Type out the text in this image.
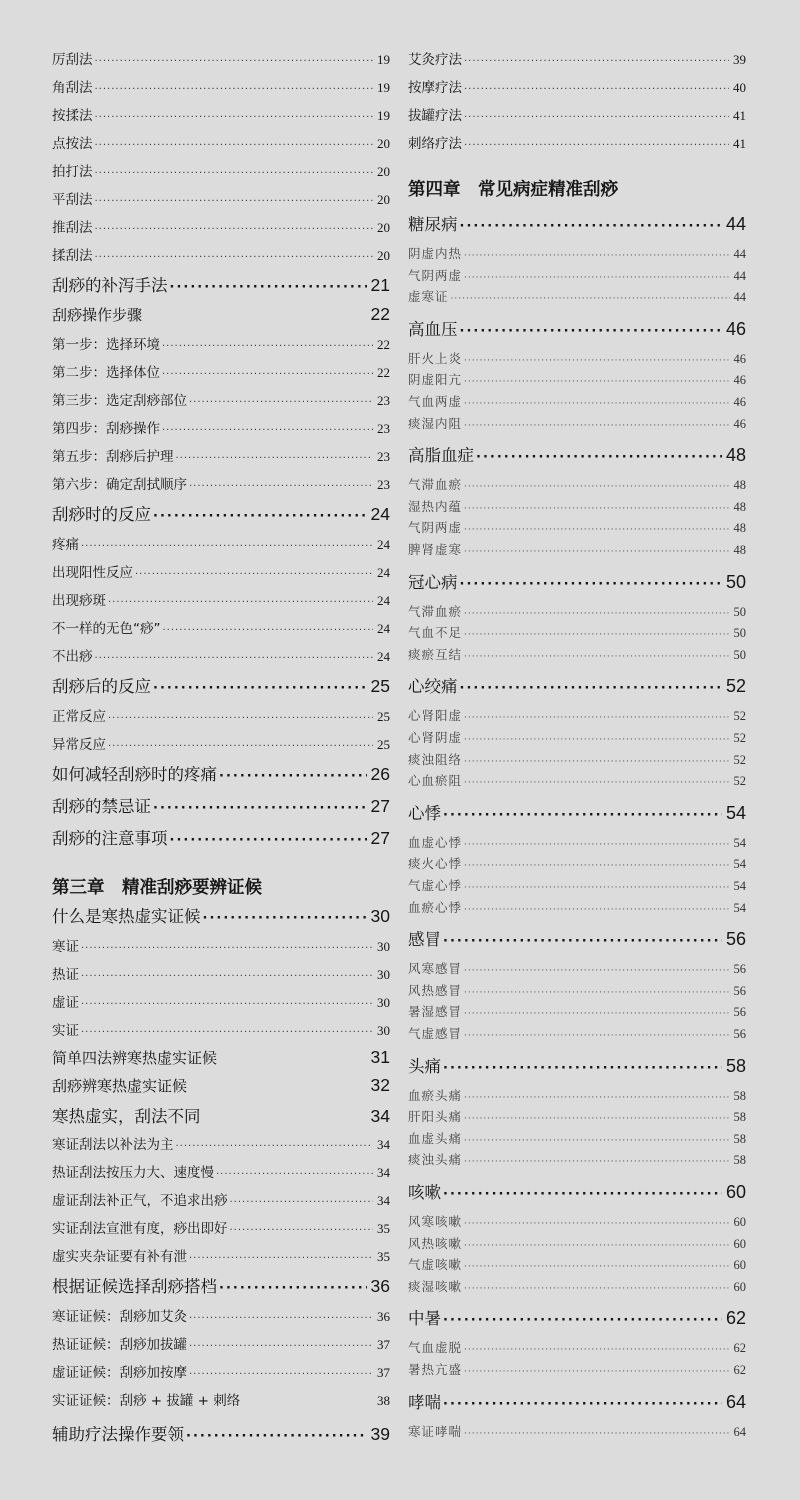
厉刮法 ·····	19
角刮法 ·····	19
按揉法 ·····	19
点按法 ·····	20
拍打法 ·····	20
平刮法 ·····	20
推刮法 ·····	20
揉刮法 ·····	20
刮痧的补泻手法 ·····	21
刮痧操作步骤	22
第一步：选择环境 ·····	22
第二步：选择体位 ·····	22
第三步：选定刮痧部位 ·····	23
第四步：刮痧操作 ·····	23
第五步：刮痧后护理 ·····	23
第六步：确定刮拭顺序 ·····	23
刮痧时的反应 ·····	24
疼痛 ·····	24
出现阳性反应 ·····	24
出现痧斑 ·····	24
不一样的无色“痧” ·····	24
不出痧 ·····	24
刮痧后的反应 ·····	25
正常反应 ·····	25
异常反应 ·····	25
如何减轻刮痧时的疼痛 ·····	26
刮痧的禁忌证 ·····	27
刮痧的注意事项 ·····	27
第三章　精准刮痧要辨证候
什么是寒热虚实证候 ·····	30
寒证 ·····	30
热证 ·····	30
虚证 ·····	30
实证 ·····	30
简单四法辨寒热虚实证候	31
刮痧辨寒热虚实证候	32
寒热虚实，刮法不同	34
寒证刮法以补法为主 ·····	34
热证刮法按压力大、速度慢 ·····	34
虚证刮法补正气，不追求出痧 ·····	34
实证刮法宣泄有度，痧出即好 ·····	35
虚实夹杂证要有补有泄 ·····	35
根据证候选择刮痧搭档 ·····	36
寒证证候：刮痧加艾灸 ·····	36
热证证候：刮痧加拔罐 ·····	37
虚证证候：刮痧加按摩 ·····	37
实证证候：刮痧 + 拔罐 + 刺络	38
辅助疗法操作要领 ·····	39
艾灸疗法 ·····	39
按摩疗法 ·····	40
拔罐疗法 ·····	41
刺络疗法 ·····	41
第四章　常见病症精准刮痧
糖尿病 ·····	44
阴虚内热 ·····	44
气阴两虚 ·····	44
虚寒证 ·····	44
高血压 ·····	46
肝火上炎 ·····	46
阴虚阳亢 ·····	46
气血两虚 ·····	46
痰湿内阻 ·····	46
高脂血症 ·····	48
气滞血瘀 ·····	48
湿热内蕴 ·····	48
气阴两虚 ·····	48
脾肾虚寒 ·····	48
冠心病 ·····	50
气滞血瘀 ·····	50
气血不足 ·····	50
痰瘀互结 ·····	50
心绞痛 ·····	52
心肾阳虚 ·····	52
心肾阴虚 ·····	52
痰浊阻络 ·····	52
心血瘀阻 ·····	52
心悸 ·····	54
血虚心悸 ·····	54
痰火心悸 ·····	54
气虚心悸 ·····	54
血瘀心悸 ·····	54
感冒 ·····	56
风寒感冒 ·····	56
风热感冒 ·····	56
暑湿感冒 ·····	56
气虚感冒 ·····	56
头痛 ·····	58
血瘀头痛 ·····	58
肝阳头痛 ·····	58
血虚头痛 ·····	58
痰浊头痛 ·····	58
咳嗽 ·····	60
风寒咳嗽 ·····	60
风热咳嗽 ·····	60
气虚咳嗽 ·····	60
痰湿咳嗽 ·····	60
中暑 ·····	62
气血虚脱 ·····	62
暑热亢盛 ·····	62
哮喘 ·····	64
寒证哮喘 ·····	64
